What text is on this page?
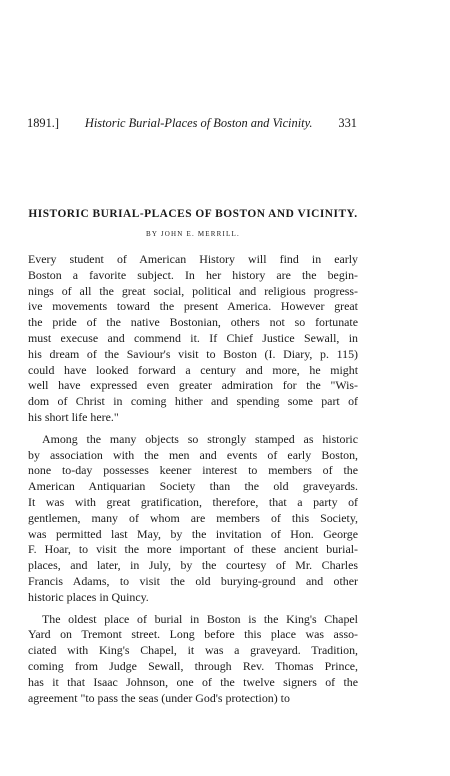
1891.] Historic Burial-Places of Boston and Vicinity. 331
HISTORIC BURIAL-PLACES OF BOSTON AND VICINITY.
BY JOHN E. MERRILL.
Every student of American History will find in early
Boston a favorite subject. In her history are the begin-
nings of all the great social, political and religious progress-
ive movements toward the present America. However great
the pride of the native Bostonian, others not so fortunate
must execuse and commend it. If Chief Justice Sewall, in
his dream of the Saviour's visit to Boston (I. Diary, p. 115)
could have looked forward a century and more, he might
well have expressed even greater admiration for the "Wis-
dom of Christ in coming hither and spending some part of
his short life here."
Among the many objects so strongly stamped as historic
by association with the men and events of early Boston,
none to-day possesses keener interest to members of the
American Antiquarian Society than the old graveyards.
It was with great gratification, therefore, that a party of
gentlemen, many of whom are members of this Society,
was permitted last May, by the invitation of Hon. George
F. Hoar, to visit the more important of these ancient burial-
places, and later, in July, by the courtesy of Mr. Charles
Francis Adams, to visit the old burying-ground and other
historic places in Quincy.
The oldest place of burial in Boston is the King's Chapel
Yard on Tremont street. Long before this place was asso-
ciated with King's Chapel, it was a graveyard. Tradition,
coming from Judge Sewall, through Rev. Thomas Prince,
has it that Isaac Johnson, one of the twelve signers of the
agreement "to pass the seas (under God's protection) to
